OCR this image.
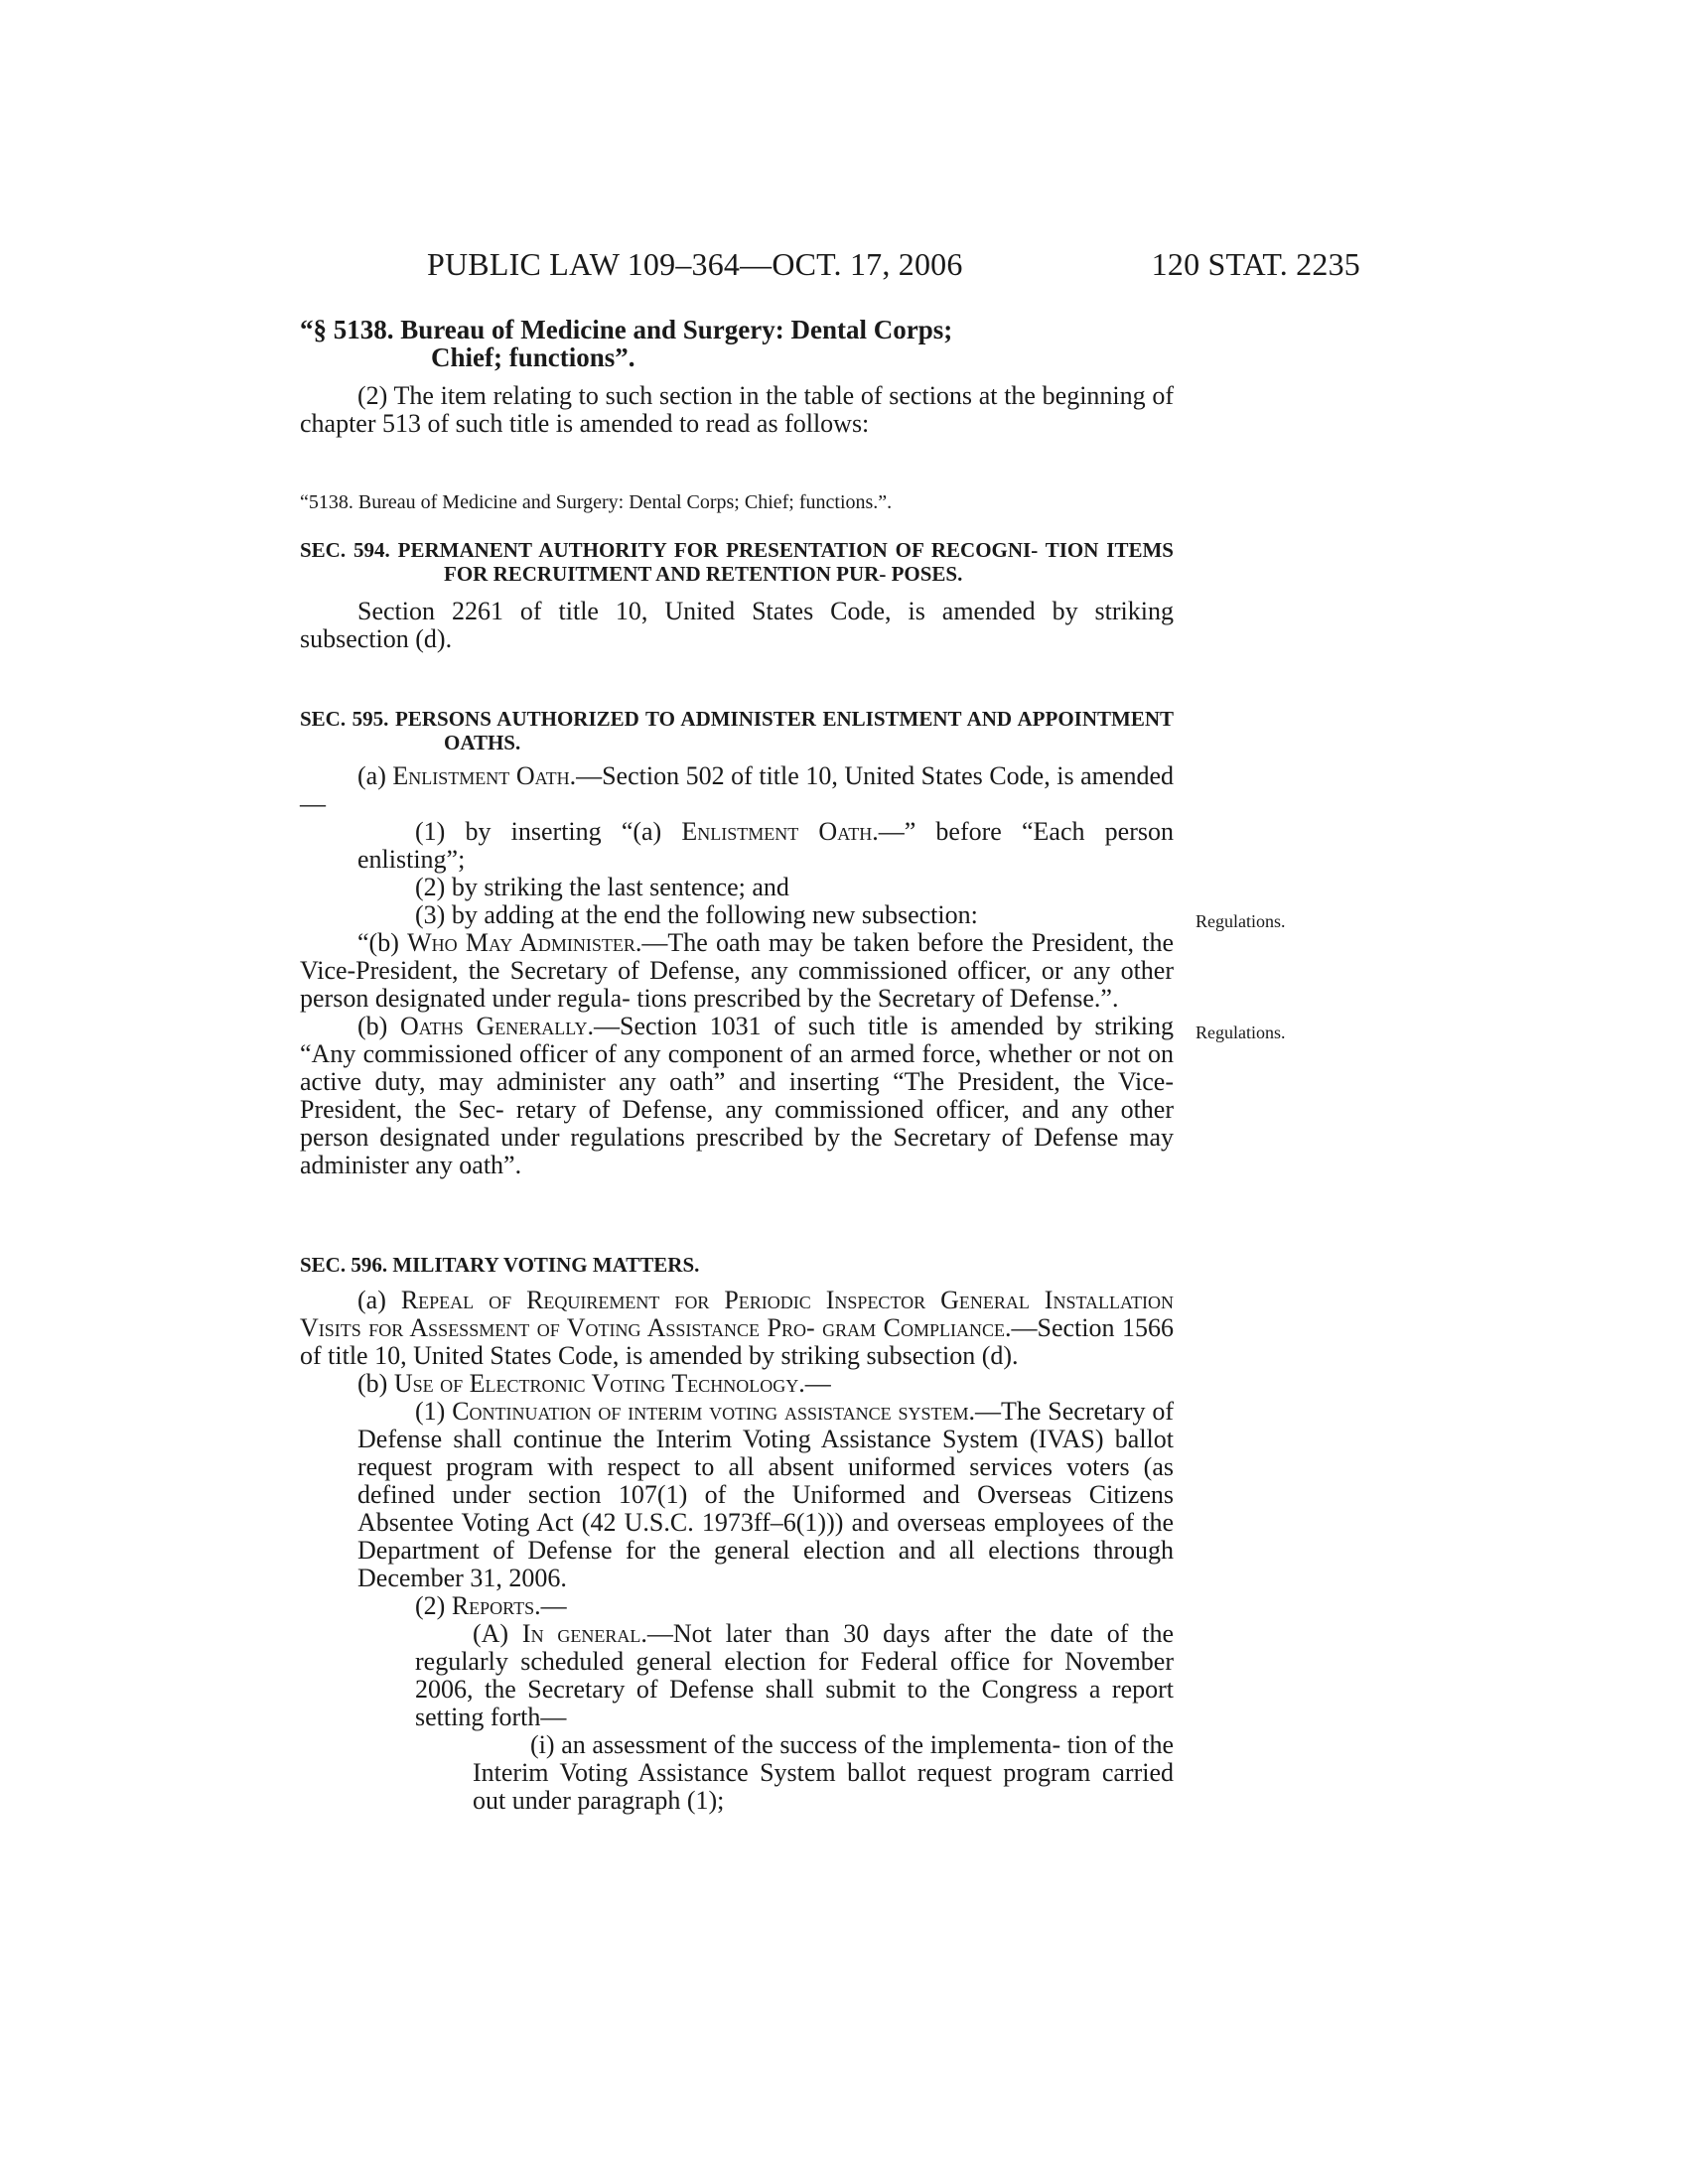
PUBLIC LAW 109–364—OCT. 17, 2006	120 STAT. 2235

“§ 5138. Bureau of Medicine and Surgery: Dental Corps;

Chief; functions”.

(2) The item relating to such section in the table of sections at the beginning of chapter 513 of such title is amended to read as follows:

“5138. Bureau of Medicine and Surgery: Dental Corps; Chief; functions.”.

SEC. 594. PERMANENT AUTHORITY FOR PRESENTATION OF RECOGNI- TION ITEMS FOR RECRUITMENT AND RETENTION PUR- POSES.

Section 2261 of title 10, United States Code, is amended by striking subsection (d).

SEC. 595. PERSONS AUTHORIZED TO ADMINISTER ENLISTMENT AND APPOINTMENT OATHS.

(a) Enlistment Oath.—Section 502 of title 10, United States Code, is amended—

(1) by inserting “(a) Enlistment Oath.—” before “Each person enlisting”;

(2) by striking the last sentence; and

(3) by adding at the end the following new subsection:

“(b) Who May Administer.—The oath may be taken before the President, the Vice-President, the Secretary of Defense, any commissioned officer, or any other person designated under regula- tions prescribed by the Secretary of Defense.”.

(b) Oaths Generally.—Section 1031 of such title is amended by striking “Any commissioned officer of any component of an armed force, whether or not on active duty, may administer any oath” and inserting “The President, the Vice-President, the Sec- retary of Defense, any commissioned officer, and any other person designated under regulations prescribed by the Secretary of Defense may administer any oath”.

Regulations.
Regulations.

SEC. 596. MILITARY VOTING MATTERS.

(a) Repeal of Requirement for Periodic Inspector General Installation Visits for Assessment of Voting Assistance Pro- gram Compliance.—Section 1566 of title 10, United States Code, is amended by striking subsection (d).

(b) Use of Electronic Voting Technology.—

(1) Continuation of interim voting assistance system.—The Secretary of Defense shall continue the Interim Voting Assistance System (IVAS) ballot request program with respect to all absent uniformed services voters (as defined under section 107(1) of the Uniformed and Overseas Citizens Absentee Voting Act (42 U.S.C. 1973ff–6(1))) and overseas employees of the Department of Defense for the general election and all elections through December 31, 2006.

(2) Reports.—

(A) In general.—Not later than 30 days after the date of the regularly scheduled general election for Federal office for November 2006, the Secretary of Defense shall submit to the Congress a report setting forth—

(i) an assessment of the success of the implementa- tion of the Interim Voting Assistance System ballot request program carried out under paragraph (1);
